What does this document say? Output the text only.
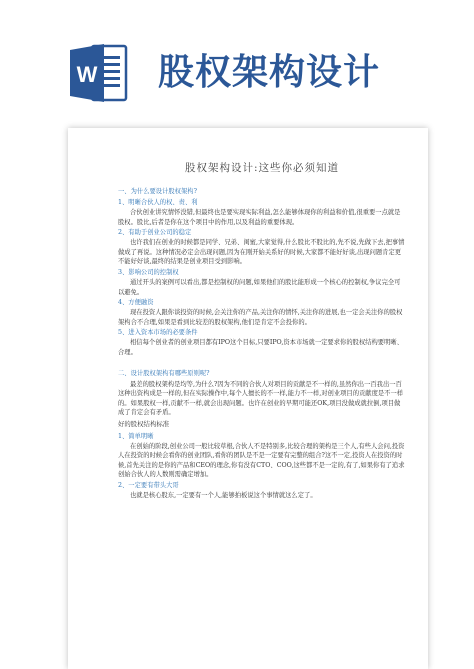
W 股权架构设计
股权架构设计:这些你必须知道
一、为什么要设计股权架构?
1、明晰合伙人的权、责、利

合伙创业讲究情怀没错,但最终也是要实现实际利益,怎么能够体现你的利益和价值,很重要一点就是股权。股比,后者是你在这个项目中的作用,以及利益的重要体现。

2、有助于创业公司的稳定

也许我们在创业的时候都是同学、兄弟、闺蜜,大家觉得,什么股比不股比的,先不说,先做下去,把事情做成了再说。这种情况必定会出现问题,因为在刚开始关系好的时候,大家都不能好好谈,出现问题肯定更不能好好谈,最终的结果是创业项目受到影响。

3、影响公司的控制权

通过开头的案例可以看出,都是控制权的问题,如果他们的股比能形成一个核心的控制权,争议完全可以避免。

4、方便融资

现在投资人跟你谈投资的时候,会关注你的产品,关注你的情怀,关注你的进展,也一定会关注你的股权架构合不合理,如果是看到比较差的股权架构,他们是肯定不会投你的。

5、进入资本市场的必要条件

相信每个创业者的创业项目都有IPO这个目标,只要IPO,资本市场就一定要求你的股权结构要明晰、合理。

二、设计股权架构有哪些原则呢?

最差的股权架构是均等,为什么?因为不同的合伙人对项目的贡献是不一样的,虽然你出一百我出一百这种出资构成是一样的,但在实际操作中,每个人擅长的不一样,能力不一样,对创业项目的贡献度是不一样的。如果股权一样,贡献不一样,就会出现问题。也许在创业的早期可能还OK,项目没做成就拉倒,项目做成了肯定会有矛盾。

好的股权结构标准
1、简单明晰

在创始的阶段,创业公司一般比较草根,合伙人不是特别多,比较合理的架构是三个人,有些人会问,投资人在投资的时候会看你的创业团队,看你的团队是不是一定要有完整的组合?这不一定,投资人在投资的时候,首先关注的是你的产品和CEO的理念,你有没有CTO、COO,这些都不是一定的,有了,如果你有了追求创始合伙人的人数则需确定增加。

2、一定要有带头大哥

也就是核心股东,一定要有一个人,能够拍板说这个事情就这么定了。
